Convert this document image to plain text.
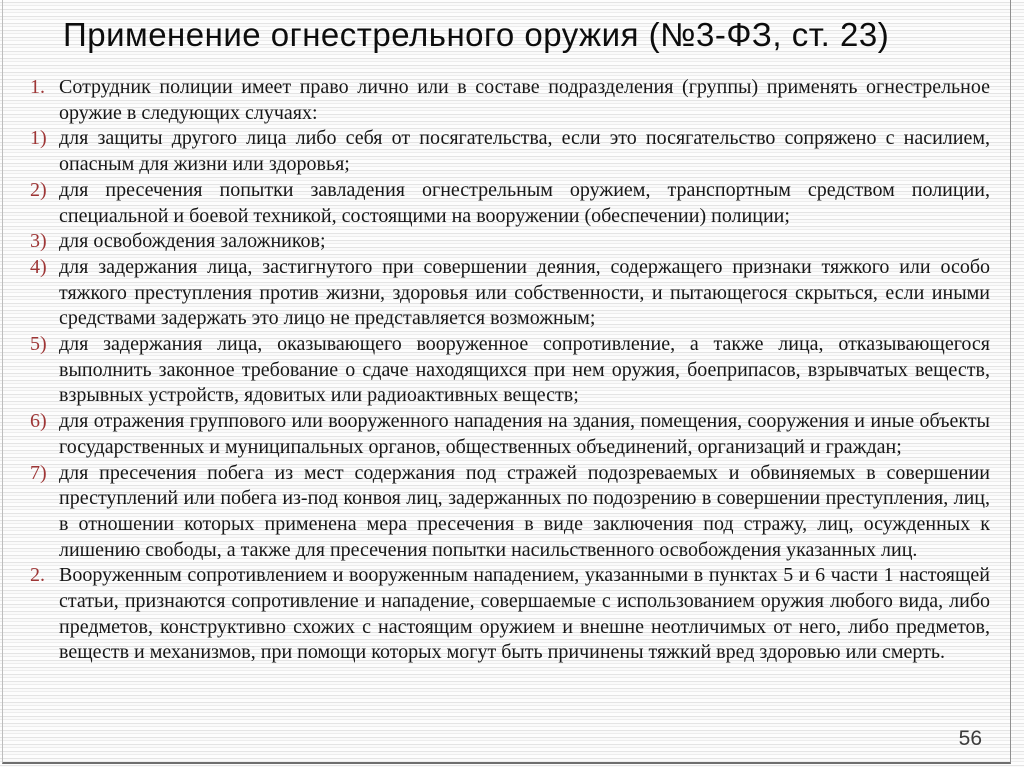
Применение огнестрельного оружия (№3-ФЗ, ст. 23)
1. Сотрудник полиции имеет право лично или в составе подразделения (группы) применять огнестрельное оружие в следующих случаях:
1) для защиты другого лица либо себя от посягательства, если это посягательство сопряжено с насилием, опасным для жизни или здоровья;
2) для пресечения попытки завладения огнестрельным оружием, транспортным средством полиции, специальной и боевой техникой, состоящими на вооружении (обеспечении) полиции;
3) для освобождения заложников;
4) для задержания лица, застигнутого при совершении деяния, содержащего признаки тяжкого или особо тяжкого преступления против жизни, здоровья или собственности, и пытающегося скрыться, если иными средствами задержать это лицо не представляется возможным;
5) для задержания лица, оказывающего вооруженное сопротивление, а также лица, отказывающегося выполнить законное требование о сдаче находящихся при нем оружия, боеприпасов, взрывчатых веществ, взрывных устройств, ядовитых или радиоактивных веществ;
6) для отражения группового или вооруженного нападения на здания, помещения, сооружения и иные объекты государственных и муниципальных органов, общественных объединений, организаций и граждан;
7) для пресечения побега из мест содержания под стражей подозреваемых и обвиняемых в совершении преступлений или побега из-под конвоя лиц, задержанных по подозрению в совершении преступления, лиц, в отношении которых применена мера пресечения в виде заключения под стражу, лиц, осужденных к лишению свободы, а также для пресечения попытки насильственного освобождения указанных лиц.
2. Вооруженным сопротивлением и вооруженным нападением, указанными в пунктах 5 и 6 части 1 настоящей статьи, признаются сопротивление и нападение, совершаемые с использованием оружия любого вида, либо предметов, конструктивно схожих с настоящим оружием и внешне неотличимых от него, либо предметов, веществ и механизмов, при помощи которых могут быть причинены тяжкий вред здоровью или смерть.
56
